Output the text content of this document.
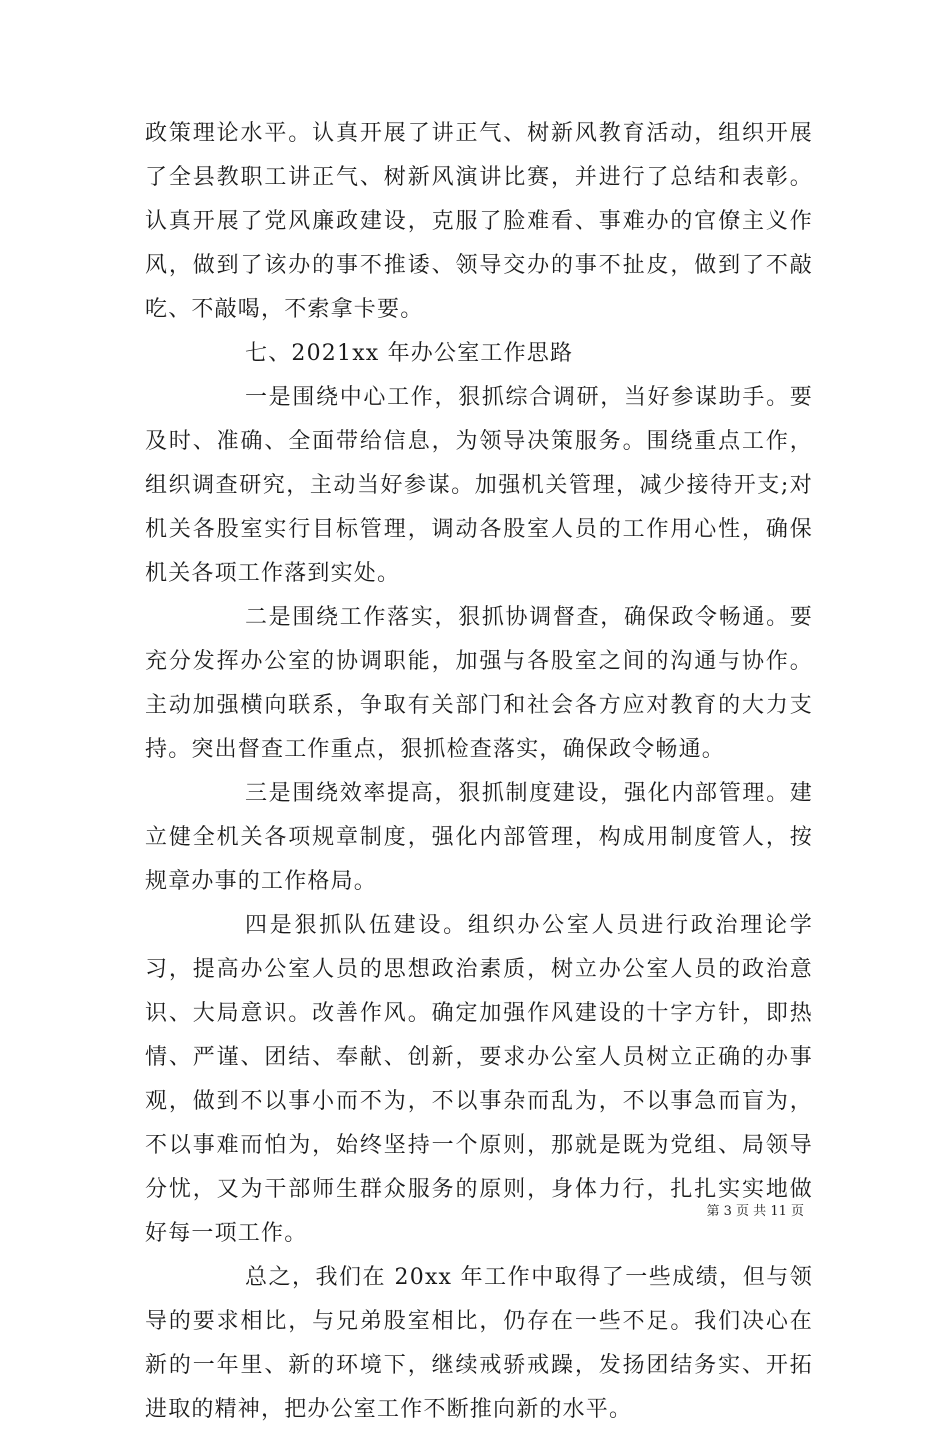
政策理论水平。认真开展了讲正气、树新风教育活动，组织开展了全县教职工讲正气、树新风演讲比赛，并进行了总结和表彰。认真开展了党风廉政建设，克服了脸难看、事难办的官僚主义作风，做到了该办的事不推诿、领导交办的事不扯皮，做到了不敲吃、不敲喝，不索拿卡要。

七、2021xx 年办公室工作思路

一是围绕中心工作，狠抓综合调研，当好参谋助手。要及时、准确、全面带给信息，为领导决策服务。围绕重点工作，组织调查研究，主动当好参谋。加强机关管理，减少接待开支;对机关各股室实行目标管理，调动各股室人员的工作用心性，确保机关各项工作落到实处。

二是围绕工作落实，狠抓协调督查，确保政令畅通。要充分发挥办公室的协调职能，加强与各股室之间的沟通与协作。主动加强横向联系，争取有关部门和社会各方应对教育的大力支持。突出督查工作重点，狠抓检查落实，确保政令畅通。

三是围绕效率提高，狠抓制度建设，强化内部管理。建立健全机关各项规章制度，强化内部管理，构成用制度管人，按规章办事的工作格局。

四是狠抓队伍建设。组织办公室人员进行政治理论学习，提高办公室人员的思想政治素质，树立办公室人员的政治意识、大局意识。改善作风。确定加强作风建设的十字方针，即热情、严谨、团结、奉献、创新，要求办公室人员树立正确的办事观，做到不以事小而不为，不以事杂而乱为，不以事急而盲为，不以事难而怕为，始终坚持一个原则，那就是既为党组、局领导分忧，又为干部师生群众服务的原则，身体力行，扎扎实实地做好每一项工作。

总之，我们在 20xx 年工作中取得了一些成绩，但与领导的要求相比，与兄弟股室相比，仍存在一些不足。我们决心在新的一年里、新的环境下，继续戒骄戒躁，发扬团结务实、开拓进取的精神，把办公室工作不断推向新的水平。

第 3 页 共 11 页
